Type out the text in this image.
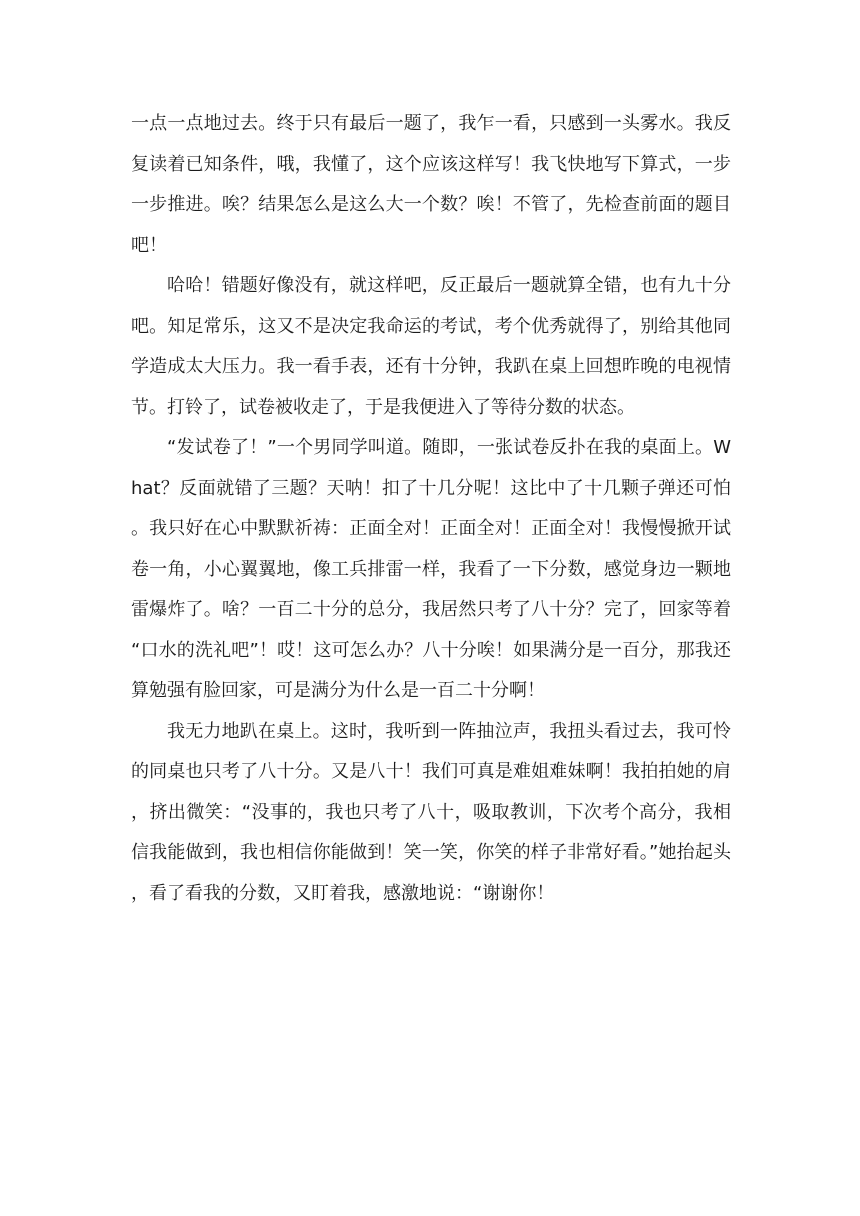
一点一点地过去。终于只有最后一题了，我乍一看，只感到一头雾水。我反复读着已知条件，哦，我懂了，这个应该这样写！我飞快地写下算式，一步一步推进。唉？结果怎么是这么大一个数？唉！不管了，先检查前面的题目吧！

哈哈！错题好像没有，就这样吧，反正最后一题就算全错，也有九十分吧。知足常乐，这又不是决定我命运的考试，考个优秀就得了，别给其他同学造成太大压力。我一看手表，还有十分钟，我趴在桌上回想昨晚的电视情节。打铃了，试卷被收走了，于是我便进入了等待分数的状态。

“发试卷了！”一个男同学叫道。随即，一张试卷反扑在我的桌面上。What？反面就错了三题？天呐！扣了十几分呢！这比中了十几颗子弹还可怕。我只好在心中默默祈祷：正面全对！正面全对！正面全对！我慢慢掀开试卷一角，小心翼翼地，像工兵排雷一样，我看了一下分数，感觉身边一颗地雷爆炸了。啥？一百二十分的总分，我居然只考了八十分？完了，回家等着“口水的洗礼吧”！哎！这可怎么办？八十分唉！如果满分是一百分，那我还算勉强有脸回家，可是满分为什么是一百二十分啊！

我无力地趴在桌上。这时，我听到一阵抽泣声，我扭头看过去，我可怜的同桌也只考了八十分。又是八十！我们可真是难姐难妹啊！我拍拍她的肩，挤出微笑：“没事的，我也只考了八十，吸取教训，下次考个高分，我相信我能做到，我也相信你能做到！笑一笑，你笑的样子非常好看。”她抬起头，看了看我的分数，又盯着我，感激地说：“谢谢你！
